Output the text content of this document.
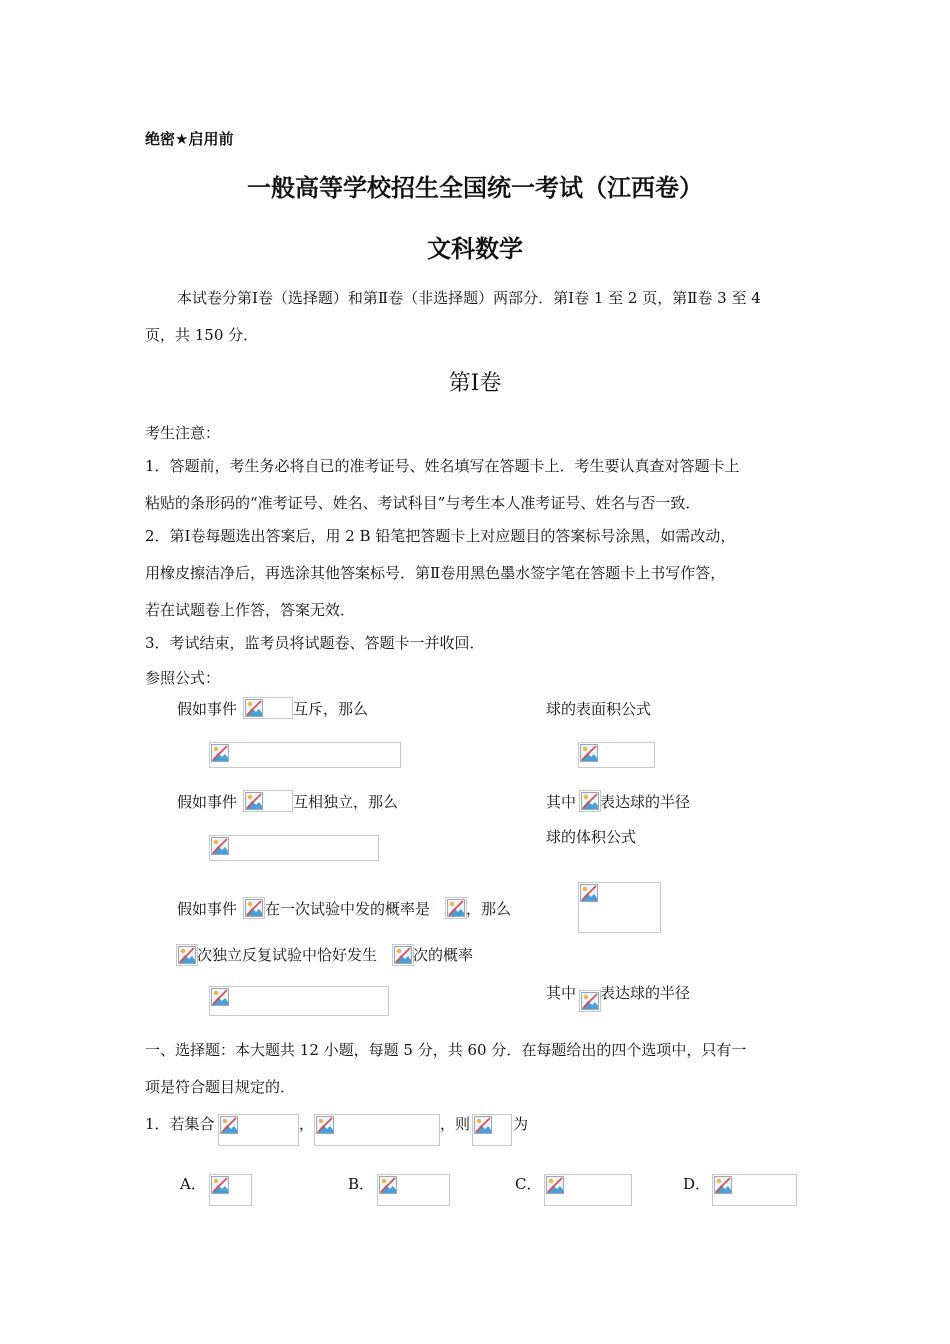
绝密★启用前
一般高等学校招生全国统一考试（江西卷）
文科数学
本试卷分第Ⅰ卷（选择题）和第Ⅱ卷（非选择题）两部分．第Ⅰ卷 1 至 2 页，第Ⅱ卷 3 至 4
页，共 150 分．
第Ⅰ卷
考生注意：
1．答题前，考生务必将自已的准考证号、姓名填写在答题卡上．考生要认真查对答题卡上
粘贴的条形码的“准考证号、姓名、考试科目”与考生本人准考证号、姓名与否一致．
2．第Ⅰ卷每题选出答案后，用 2 B 铅笔把答题卡上对应题目的答案标号涂黑，如需改动，
用橡皮擦洁净后，再选涂其他答案标号．第Ⅱ卷用黑色墨水签字笔在答题卡上书写作答，
若在试题卷上作答，答案无效．
3．考试结束，监考员将试题卷、答题卡一并收回．
参照公式：
假如事件	互斥，那么
假如事件	互相独立，那么
假如事件 在一次试验中发的概率是 ，那么
次独立反复试验中恰好发生 次的概率
球的表面积公式
其中 表达球的半径
球的体积公式
其中 表达球的半径
一、选择题：本大题共 12 小题，每题 5 分，共 60 分．在每题给出的四个选项中，只有一
项是符合题目规定的．
1．若集合	，	，则	为
A．	B．	C．	D．
